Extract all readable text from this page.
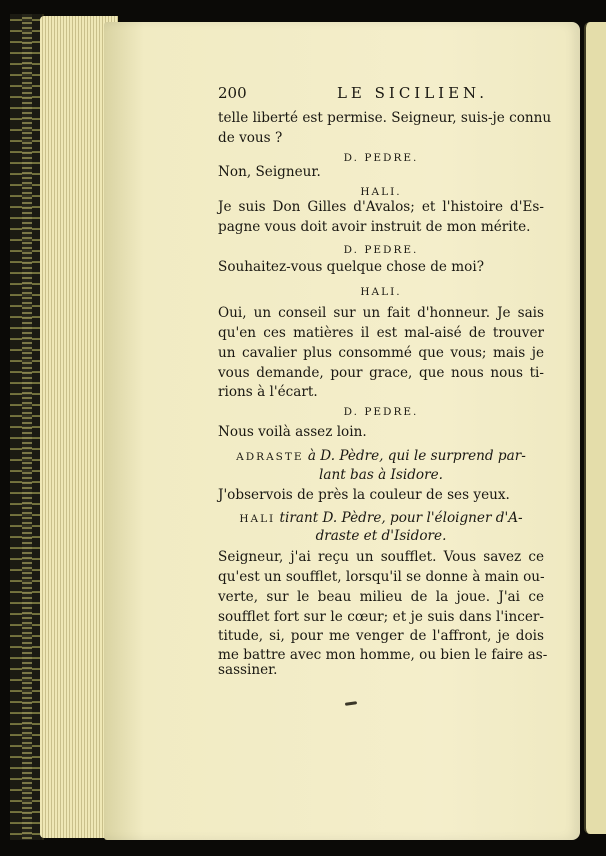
200	LE SICILIEN.
telle liberté est permise. Seigneur, suis-je connu
de vous ?
D. PEDRE.
Non, Seigneur.
HALI.
Je suis Don Gilles d'Avalos; et l'histoire d'Es-
pagne vous doit avoir instruit de mon mérite.
D. PEDRE.
Souhaitez-vous quelque chose de moi?
HALI.
Oui, un conseil sur un fait d'honneur. Je sais
qu'en ces matières il est mal-aisé de trouver
un cavalier plus consommé que vous; mais je
vous demande, pour grace, que nous nous ti-
rions à l'écart.
D. PEDRE.
Nous voilà assez loin.
ADRASTE à D. Pèdre, qui le surprend par-
lant bas à Isidore.
J'observois de près la couleur de ses yeux.
HALI tirant D. Pèdre, pour l'éloigner d'A-
draste et d'Isidore.
Seigneur, j'ai reçu un soufflet. Vous savez ce
qu'est un soufflet, lorsqu'il se donne à main ou-
verte, sur le beau milieu de la joue. J'ai ce
soufflet fort sur le cœur; et je suis dans l'incer-
titude, si, pour me venger de l'affront, je dois
me battre avec mon homme, ou bien le faire as-
sassiner.
